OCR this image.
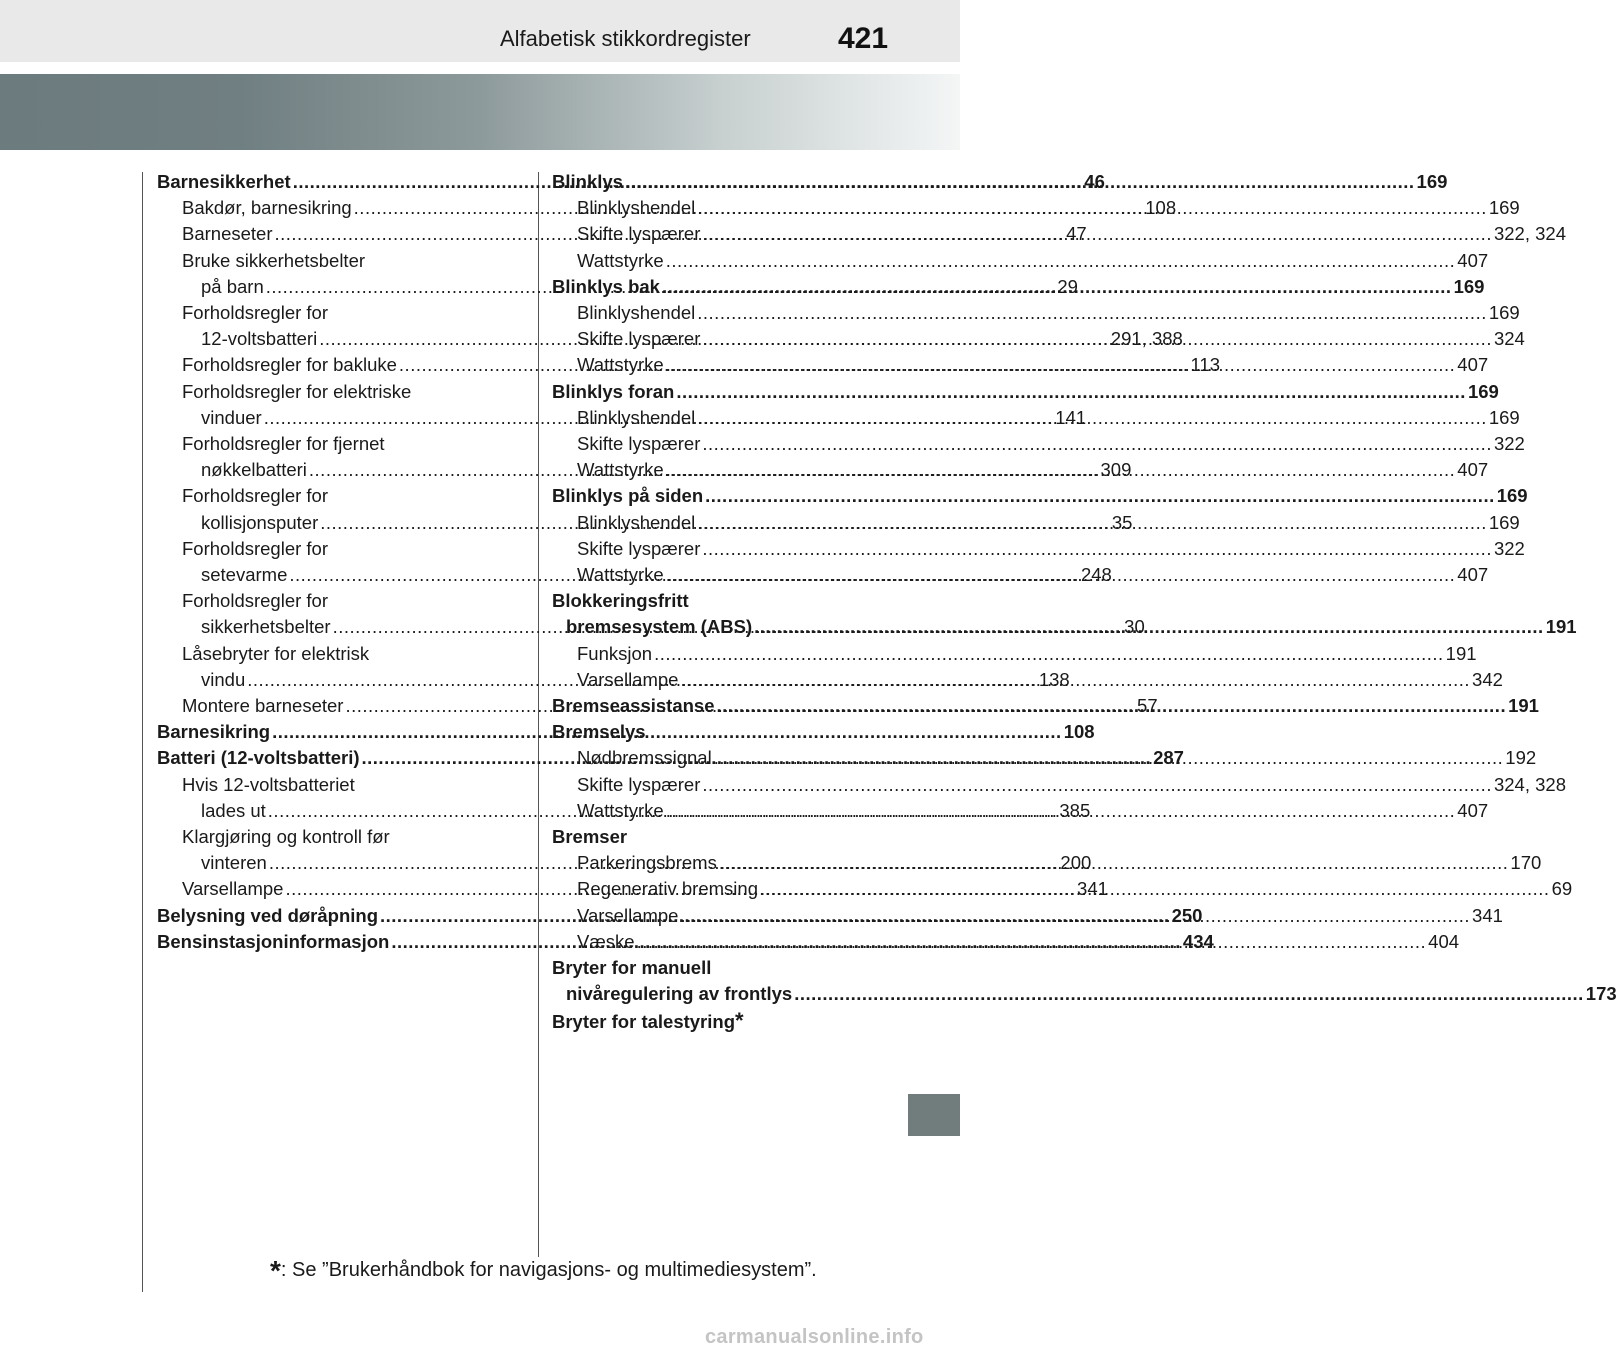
Alfabetisk stikkordregister	421
Barnesikkerhet .....	46
Bakdør, barnesikring .....	108
Barneseter .....	47
Bruke sikkerhetsbelter
på barn .....	29
Forholdsregler for
12-voltsbatteri .....	291, 388
Forholdsregler for bakluke .....	113
Forholdsregler for elektriske
vinduer .....	141
Forholdsregler for fjernet
nøkkelbatteri .....	309
Forholdsregler for
kollisjonsputer .....	35
Forholdsregler for
setevarme .....	248
Forholdsregler for
sikkerhetsbelter .....	30
Låsebryter for elektrisk
vindu .....	138
Montere barneseter .....	57
Barnesikring .....	108
Batteri (12-voltsbatteri) .....	287
Hvis 12-voltsbatteriet
lades ut .....	385
Klargjøring og kontroll før
vinteren .....	200
Varsellampe .....	341
Belysning ved døråpning .....	250
Bensinstasjoninformasjon .....	434
Blinklys .....	169
Blinklyshendel .....	169
Skifte lyspærer .....	322, 324
Wattstyrke .....	407
Blinklys bak .....	169
Blinklyshendel .....	169
Skifte lyspærer .....	324
Wattstyrke .....	407
Blinklys foran .....	169
Blinklyshendel .....	169
Skifte lyspærer .....	322
Wattstyrke .....	407
Blinklys på siden .....	169
Blinklyshendel .....	169
Skifte lyspærer .....	322
Wattstyrke .....	407
Blokkeringsfritt
bremsesystem (ABS) .....	191
Funksjon .....	191
Varsellampe .....	342
Bremseassistanse .....	191
Bremselys
Nødbremssignal .....	192
Skifte lyspærer .....	324, 328
Wattstyrke .....	407
Bremser
Parkeringsbrems .....	170
Regenerativ bremsing .....	69
Varsellampe .....	341
Væske .....	404
Bryter for manuell
nivåregulering av frontlys .....	173
Bryter for talestyring *
*: Se ”Brukerhåndbok for navigasjons- og multimediesystem”.
carmanualsonline.info
